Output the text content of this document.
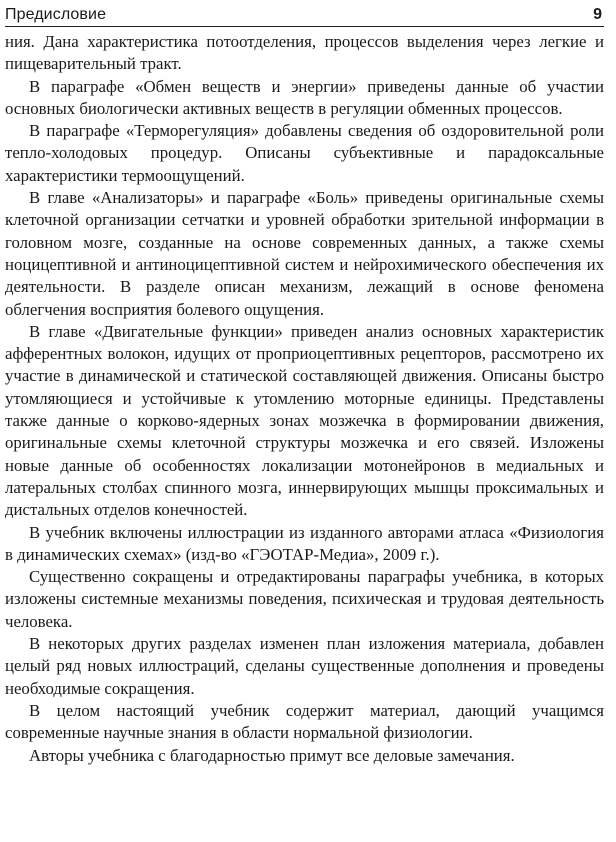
Предисловие	9

ния. Дана характеристика потоотделения, процессов выделения через легкие и пищеварительный тракт.

В параграфе «Обмен веществ и энергии» приведены данные об участии основных биологически активных веществ в регуляции обменных процессов.

В параграфе «Терморегуляция» добавлены сведения об оздоровительной роли тепло-холодовых процедур. Описаны субъективные и парадоксальные характеристики термоощущений.

В главе «Анализаторы» и параграфе «Боль» приведены оригинальные схемы клеточной организации сетчатки и уровней обработки зрительной информации в головном мозге, созданные на основе современных данных, а также схемы ноцицептивной и антиноцицептивной систем и нейрохимического обеспечения их деятельности. В разделе описан механизм, лежащий в основе феномена облегчения восприятия болевого ощущения.

В главе «Двигательные функции» приведен анализ основных характеристик афферентных волокон, идущих от проприоцептивных рецепторов, рассмотрено их участие в динамической и статической составляющей движения. Описаны быстро утомляющиеся и устойчивые к утомлению моторные единицы. Представлены также данные о корково-ядерных зонах мозжечка в формировании движения, оригинальные схемы клеточной структуры мозжечка и его связей. Изложены новые данные об особенностях локализации мотонейронов в медиальных и латеральных столбах спинного мозга, иннервирующих мышцы проксимальных и дистальных отделов конечностей.

В учебник включены иллюстрации из изданного авторами атласа «Физиология в динамических схемах» (изд-во «ГЭОТАР-Медиа», 2009 г.).

Существенно сокращены и отредактированы параграфы учебника, в которых изложены системные механизмы поведения, психическая и трудовая деятельность человека.

В некоторых других разделах изменен план изложения материала, добавлен целый ряд новых иллюстраций, сделаны существенные дополнения и проведены необходимые сокращения.

В целом настоящий учебник содержит материал, дающий учащимся современные научные знания в области нормальной физиологии.

Авторы учебника с благодарностью примут все деловые замечания.
